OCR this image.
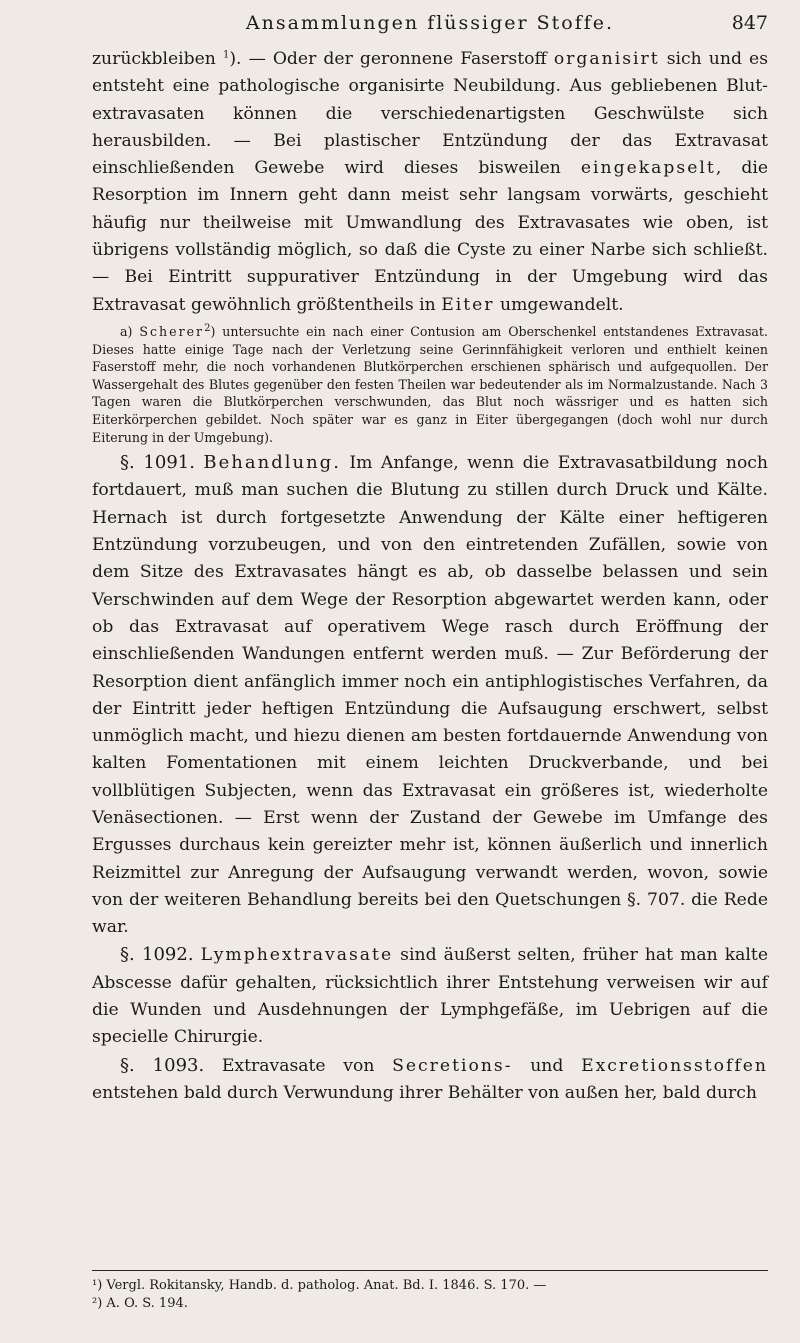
Ansammlungen flüssiger Stoffe.	847

zurückbleiben $^1$). — Oder der geronnene Faserstoff organisirt sich und es entsteht eine pathologische organisirte Neubildung. Aus gebliebenen Blut-extravasaten können die verschiedenartigsten Geschwülste sich herausbilden. — Bei plastischer Entzündung der das Extravasat einschließenden Gewebe wird dieses bisweilen eingekapselt, die Resorption im Innern geht dann meist sehr langsam vorwärts, geschieht häufig nur theilweise mit Umwandlung des Extravasates wie oben, ist übrigens vollständig möglich, so daß die Cyste zu einer Narbe sich schließt. — Bei Eintritt suppurativer Entzündung in der Umgebung wird das Extravasat gewöhnlich größtentheils in Eiter umgewandelt.

a) Scherer$^2$) untersuchte ein nach einer Contusion am Oberschenkel entstandenes Extravasat. Dieses hatte einige Tage nach der Verletzung seine Gerinnfähigkeit verloren und enthielt keinen Faserstoff mehr, die noch vorhandenen Blutkörperchen erschienen sphärisch und aufgequollen. Der Wassergehalt des Blutes gegenüber den festen Theilen war bedeutender als im Normalzustande. Nach 3 Tagen waren die Blutkörperchen verschwunden, das Blut noch wässriger und es hatten sich Eiterkörperchen gebildet. Noch später war es ganz in Eiter übergegangen (doch wohl nur durch Eiterung in der Umgebung).

§. 1091. Behandlung. Im Anfange, wenn die Extravasatbildung noch fortdauert, muß man suchen die Blutung zu stillen durch Druck und Kälte. Hernach ist durch fortgesetzte Anwendung der Kälte einer heftigeren Entzündung vorzubeugen, und von den eintretenden Zufällen, sowie von dem Sitze des Extravasates hängt es ab, ob dasselbe belassen und sein Verschwinden auf dem Wege der Resorption abgewartet werden kann, oder ob das Extravasat auf operativem Wege rasch durch Eröffnung der einschließenden Wandungen entfernt werden muß. — Zur Beförderung der Resorption dient anfänglich immer noch ein antiphlogistisches Verfahren, da der Eintritt jeder heftigen Entzündung die Aufsaugung erschwert, selbst unmöglich macht, und hiezu dienen am besten fortdauernde Anwendung von kalten Fomentationen mit einem leichten Druckverbande, und bei vollblütigen Subjecten, wenn das Extravasat ein größeres ist, wiederholte Venäsectionen. — Erst wenn der Zustand der Gewebe im Umfange des Ergusses durchaus kein gereizter mehr ist, können äußerlich und innerlich Reizmittel zur Anregung der Aufsaugung verwandt werden, wovon, sowie von der weiteren Behandlung bereits bei den Quetschungen §. 707. die Rede war.

§. 1092. Lymphextravasate sind äußerst selten, früher hat man kalte Abscesse dafür gehalten, rücksichtlich ihrer Entstehung verweisen wir auf die Wunden und Ausdehnungen der Lymphgefäße, im Uebrigen auf die specielle Chirurgie.

§. 1093. Extravasate von Secretions- und Excretionsstoffen entstehen bald durch Verwundung ihrer Behälter von außen her, bald durch

¹) Vergl. Rokitansky, Handb. d. patholog. Anat. Bd. I. 1846. S. 170. —

²) A. O. S. 194.
